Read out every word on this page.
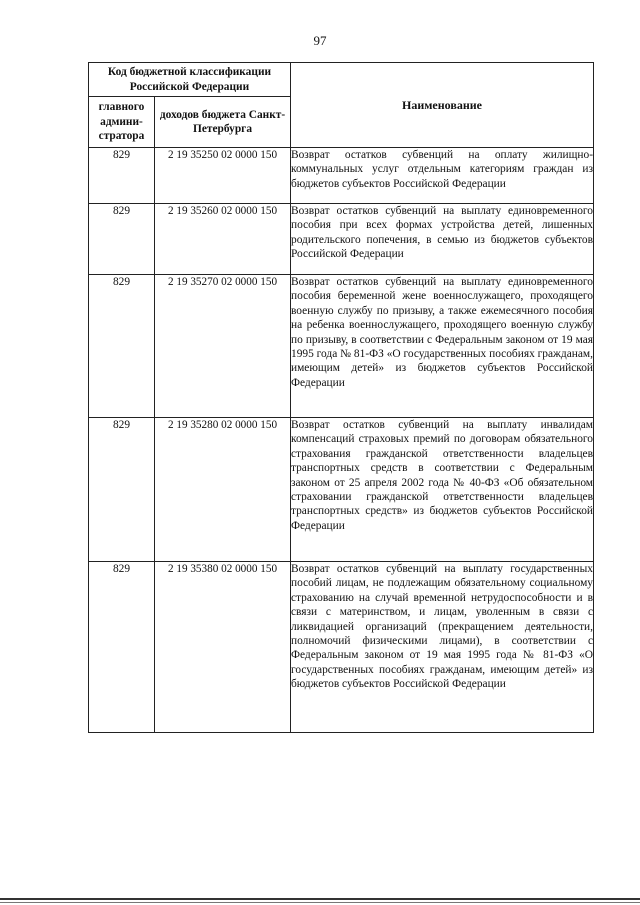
97
Код бюджетной классификации Российской Федерации		Наименование
главного админи-стратора	доходов бюджета Санкт-Петербурга	
829	2 19 35250 02 0000 150	Возврат остатков субвенций на оплату жилищно-коммунальных услуг отдельным категориям граждан из бюджетов субъектов Российской Федерации
829	2 19 35260 02 0000 150	Возврат остатков субвенций на выплату единовременного пособия при всех формах устройства детей, лишенных родительского попечения, в семью из бюджетов субъектов Российской Федерации
829	2 19 35270 02 0000 150	Возврат остатков субвенций на выплату единовременного пособия беременной жене военнослужащего, проходящего военную службу по призыву, а также ежемесячного пособия на ребенка военнослужащего, проходящего военную службу по призыву, в соответствии с Федеральным законом от 19 мая 1995 года № 81-ФЗ «О государственных пособиях гражданам, имеющим детей» из бюджетов субъектов Российской Федерации
829	2 19 35280 02 0000 150	Возврат остатков субвенций на выплату инвалидам компенсаций страховых премий по договорам обязательного страхования гражданской ответственности владельцев транспортных средств в соответствии с Федеральным законом от 25 апреля 2002 года № 40-ФЗ «Об обязательном страховании гражданской ответственности владельцев транспортных средств» из бюджетов субъектов Российской Федерации
829	2 19 35380 02 0000 150	Возврат остатков субвенций на выплату государственных пособий лицам, не подлежащим обязательному социальному страхованию на случай временной нетрудоспособности и в связи с материнством, и лицам, уволенным в связи с ликвидацией организаций (прекращением деятельности, полномочий физическими лицами), в соответствии с Федеральным законом от 19 мая 1995 года № 81-ФЗ «О государственных пособиях гражданам, имеющим детей» из бюджетов субъектов Российской Федерации
